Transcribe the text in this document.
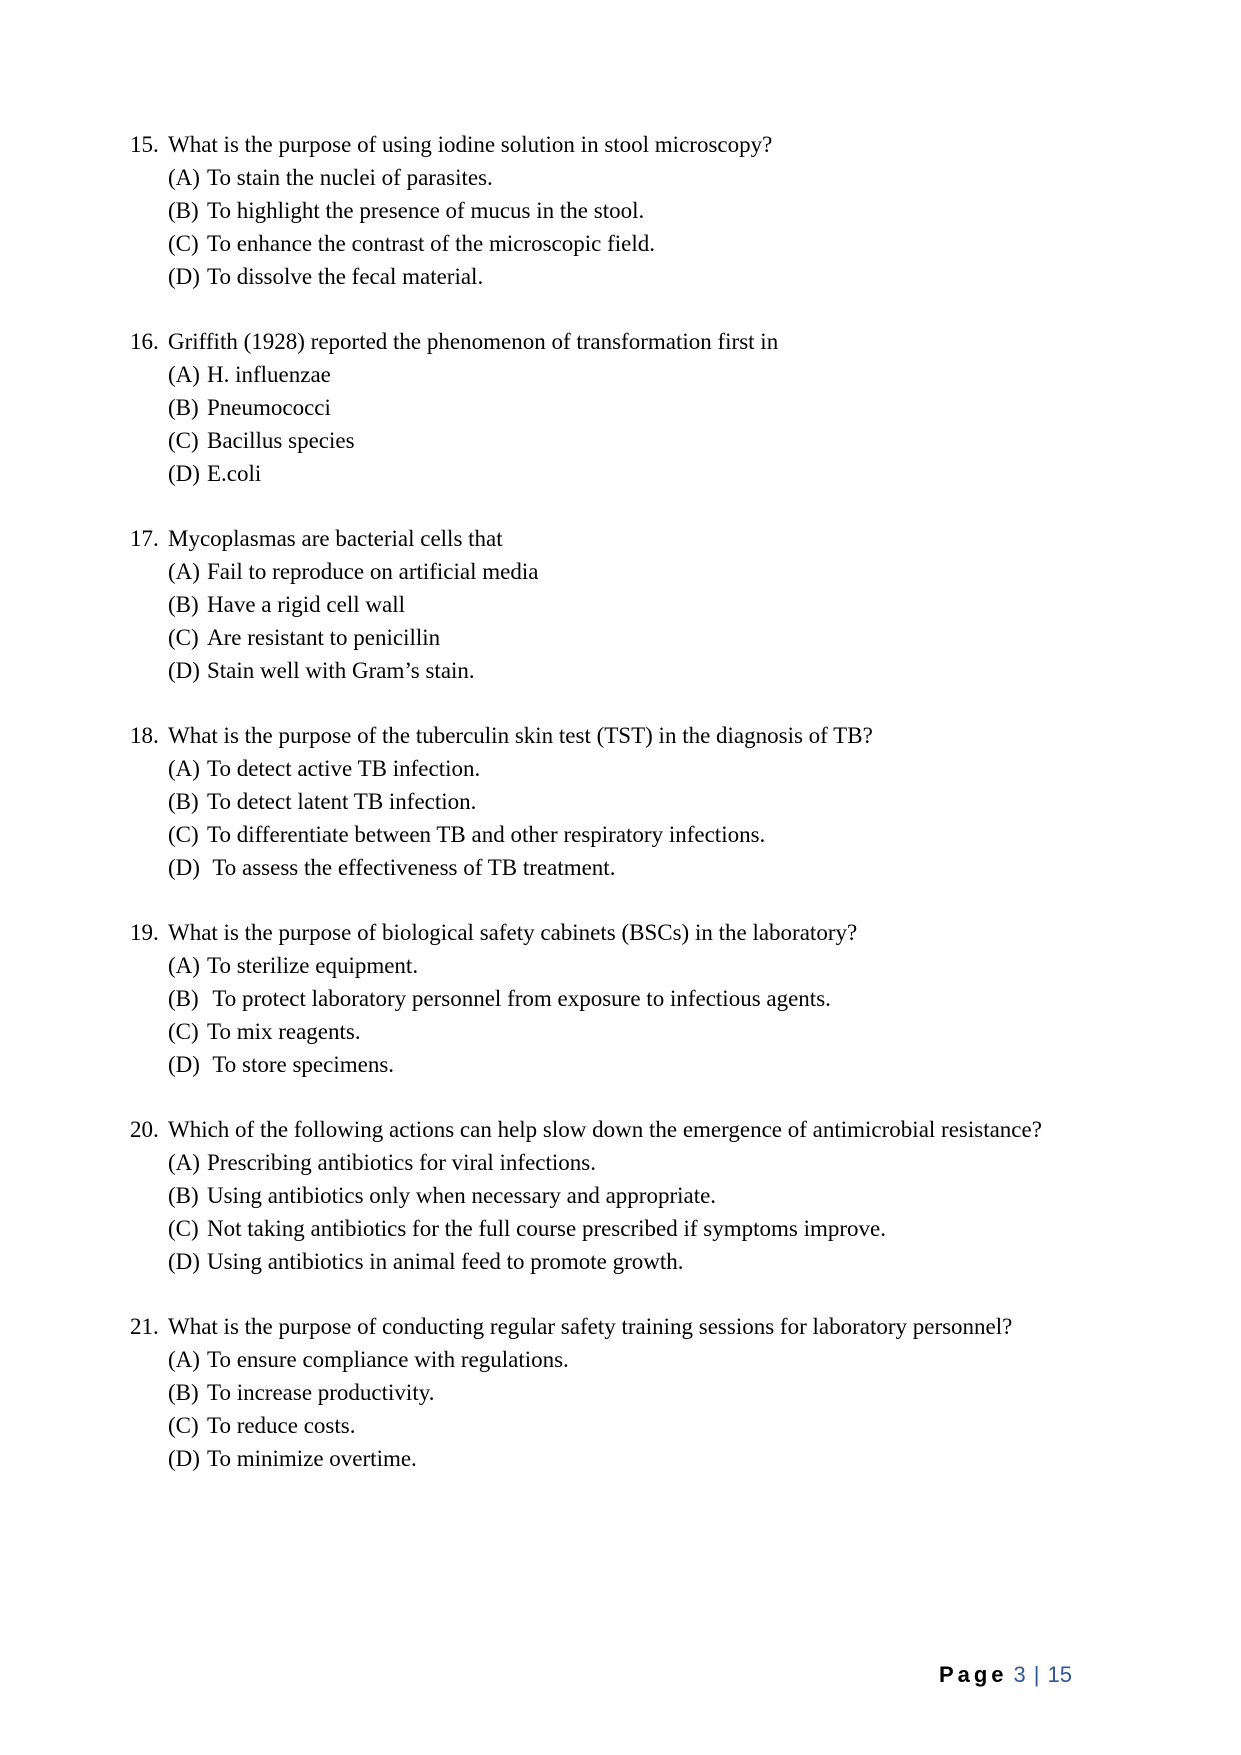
15. What is the purpose of using iodine solution in stool microscopy?
(A) To stain the nuclei of parasites.
(B) To highlight the presence of mucus in the stool.
(C) To enhance the contrast of the microscopic field.
(D) To dissolve the fecal material.
16. Griffith (1928) reported the phenomenon of transformation first in
(A) H. influenzae
(B) Pneumococci
(C) Bacillus species
(D) E.coli
17. Mycoplasmas are bacterial cells that
(A) Fail to reproduce on artificial media
(B) Have a rigid cell wall
(C) Are resistant to penicillin
(D) Stain well with Gram’s stain.
18. What is the purpose of the tuberculin skin test (TST) in the diagnosis of TB?
(A) To detect active TB infection.
(B) To detect latent TB infection.
(C) To differentiate between TB and other respiratory infections.
(D) To assess the effectiveness of TB treatment.
19. What is the purpose of biological safety cabinets (BSCs) in the laboratory?
(A) To sterilize equipment.
(B) To protect laboratory personnel from exposure to infectious agents.
(C) To mix reagents.
(D) To store specimens.
20. Which of the following actions can help slow down the emergence of antimicrobial resistance?
(A) Prescribing antibiotics for viral infections.
(B) Using antibiotics only when necessary and appropriate.
(C) Not taking antibiotics for the full course prescribed if symptoms improve.
(D) Using antibiotics in animal feed to promote growth.
21. What is the purpose of conducting regular safety training sessions for laboratory personnel?
(A) To ensure compliance with regulations.
(B) To increase productivity.
(C) To reduce costs.
(D) To minimize overtime.
Page 3 | 15
